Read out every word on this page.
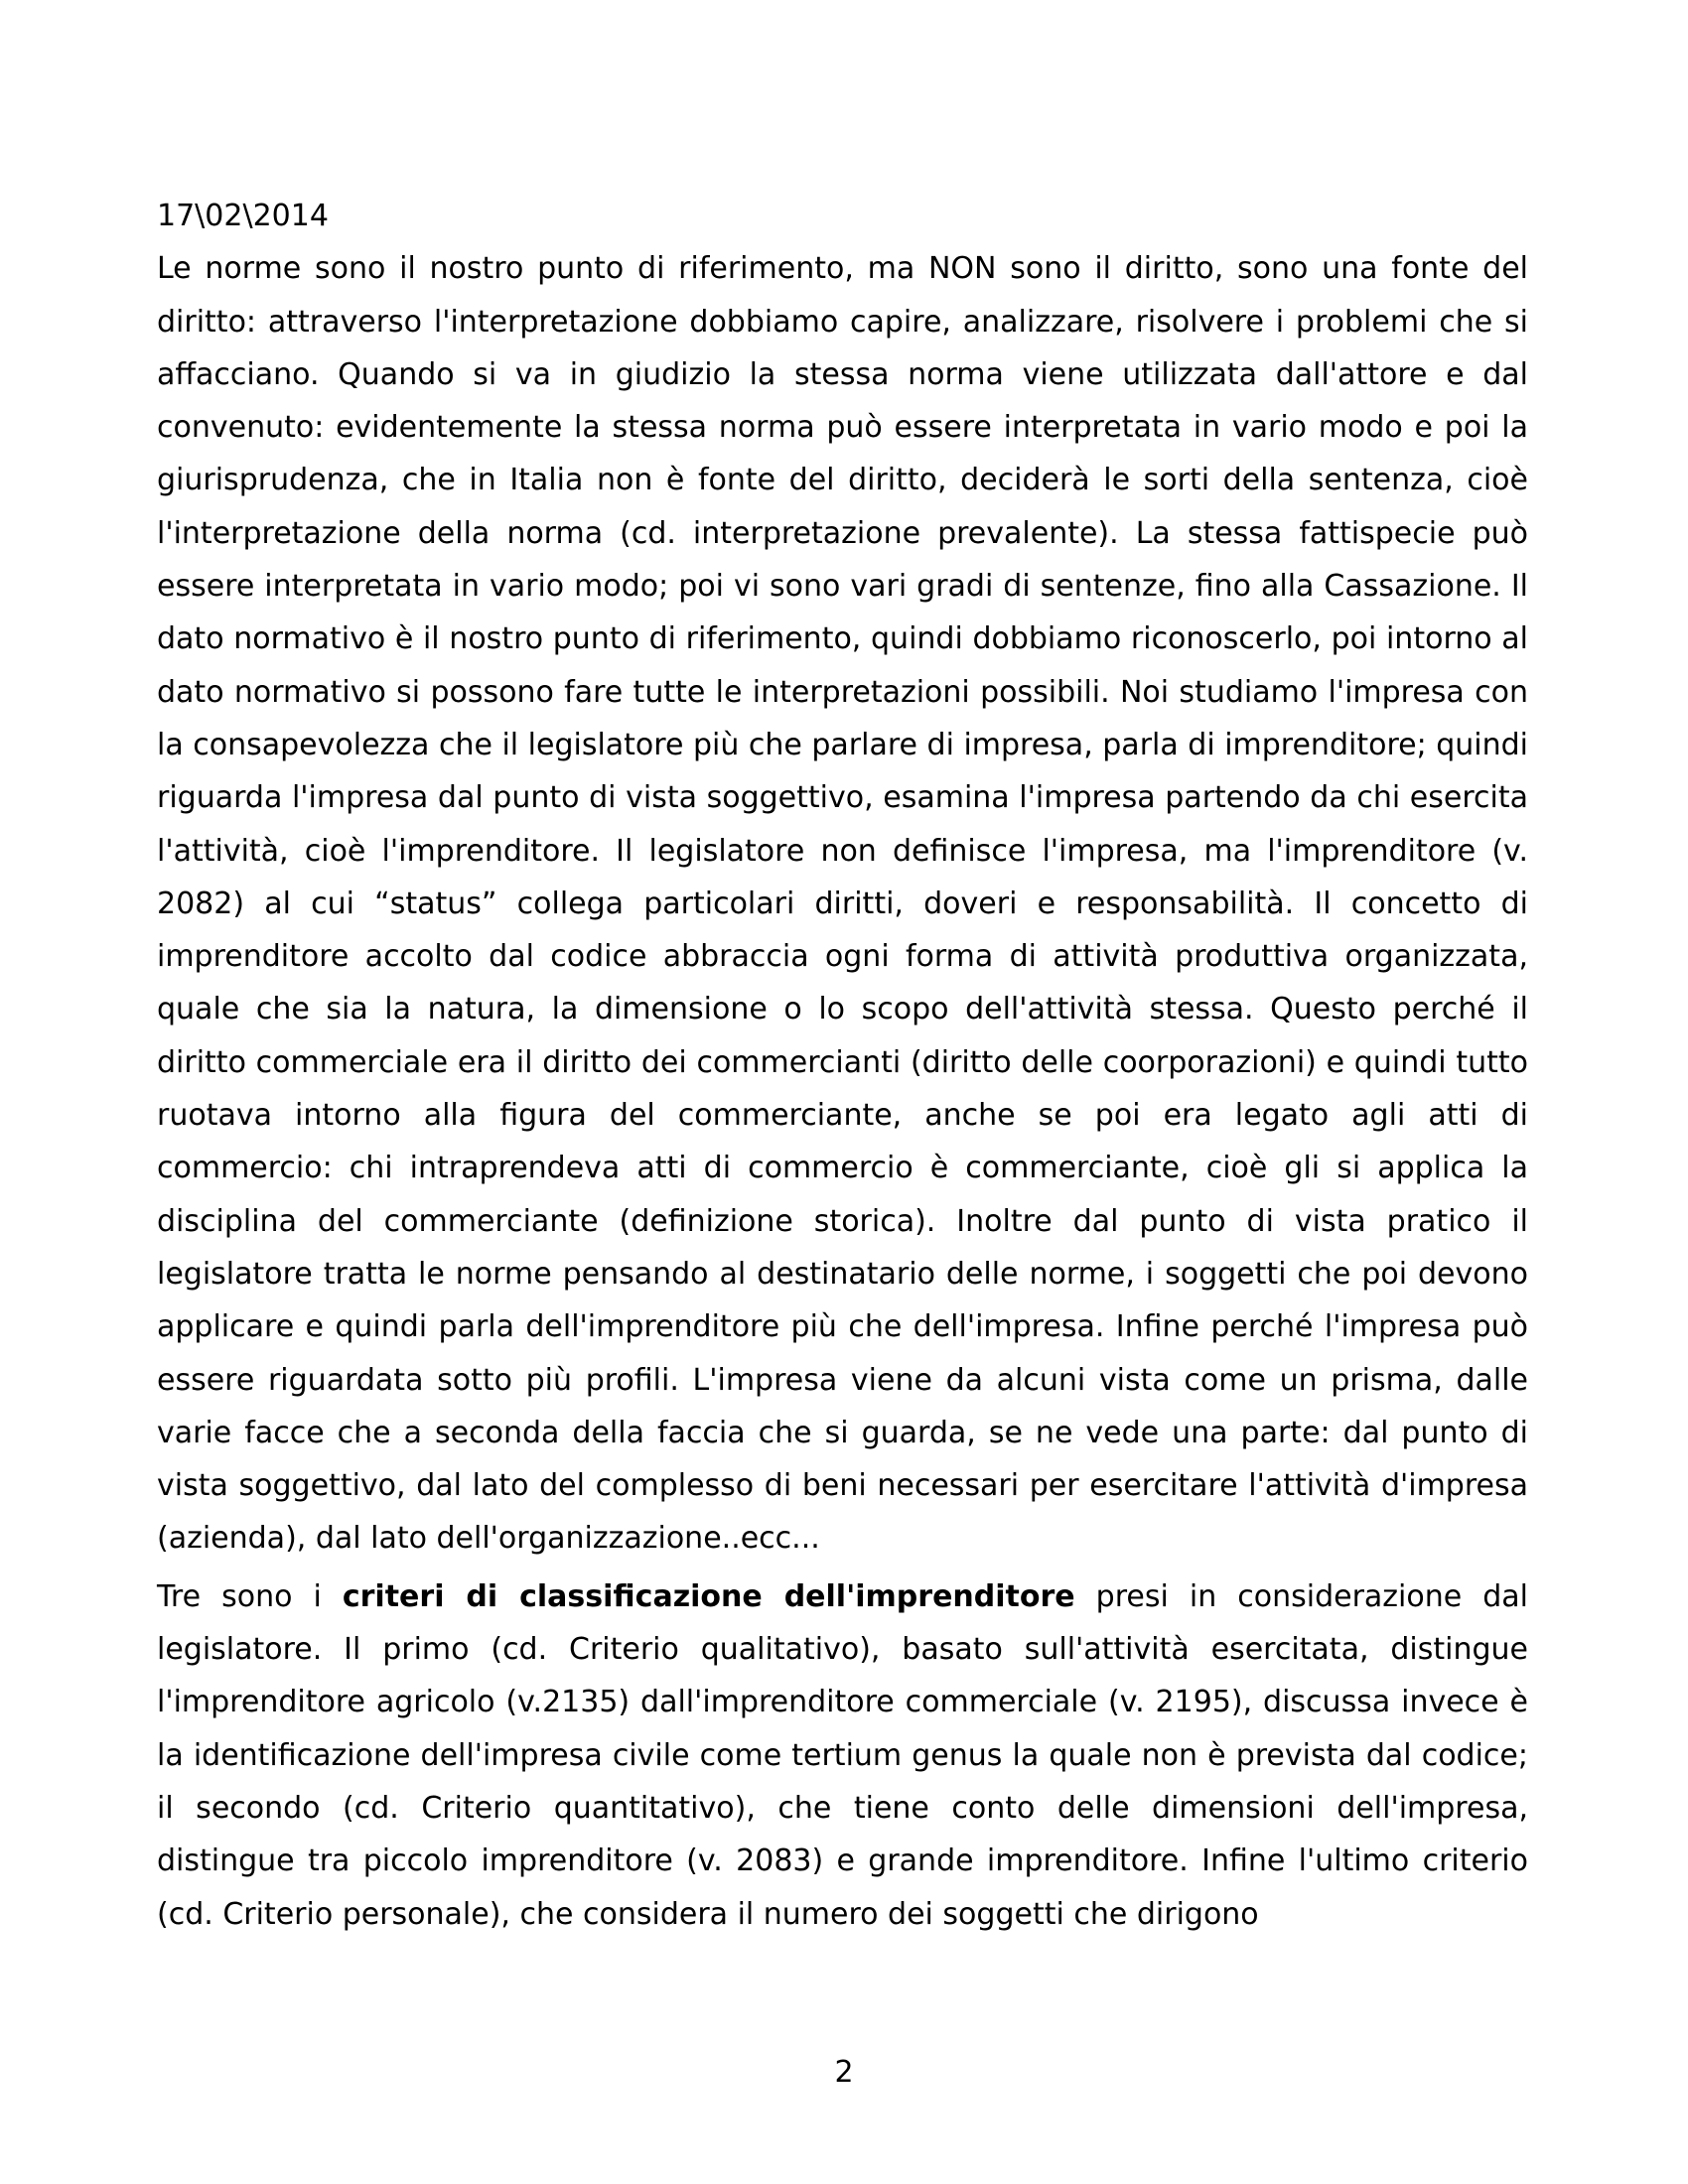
17\02\2014

Le norme sono il nostro punto di riferimento, ma NON sono il diritto, sono una fonte del diritto: attraverso l'interpretazione dobbiamo capire, analizzare, risolvere i problemi che si affacciano. Quando si va in giudizio la stessa norma viene utilizzata dall'attore e dal convenuto: evidentemente la stessa norma può essere interpretata in vario modo e poi la giurisprudenza, che in Italia non è fonte del diritto, deciderà le sorti della sentenza, cioè l'interpretazione della norma (cd. interpretazione prevalente). La stessa fattispecie può essere interpretata in vario modo; poi vi sono vari gradi di sentenze, fino alla Cassazione. Il dato normativo è il nostro punto di riferimento, quindi dobbiamo riconoscerlo, poi intorno al dato normativo si possono fare tutte le interpretazioni possibili. Noi studiamo l'impresa con la consapevolezza che il legislatore più che parlare di impresa, parla di imprenditore; quindi riguarda l'impresa dal punto di vista soggettivo, esamina l'impresa partendo da chi esercita l'attività, cioè l'imprenditore. Il legislatore non definisce l'impresa, ma l'imprenditore (v. 2082) al cui “status” collega particolari diritti, doveri e responsabilità. Il concetto di imprenditore accolto dal codice abbraccia ogni forma di attività produttiva organizzata, quale che sia la natura, la dimensione o lo scopo dell'attività stessa. Questo perché il diritto commerciale era il diritto dei commercianti (diritto delle coorporazioni) e quindi tutto ruotava intorno alla figura del commerciante, anche se poi era legato agli atti di commercio: chi intraprendeva atti di commercio è commerciante, cioè gli si applica la disciplina del commerciante (definizione storica). Inoltre dal punto di vista pratico il legislatore tratta le norme pensando al destinatario delle norme, i soggetti che poi devono applicare e quindi parla dell'imprenditore più che dell'impresa. Infine perché l'impresa può essere riguardata sotto più profili. L'impresa viene da alcuni vista come un prisma, dalle varie facce che a seconda della faccia che si guarda, se ne vede una parte: dal punto di vista soggettivo, dal lato del complesso di beni necessari per esercitare l'attività d'impresa (azienda), dal lato dell'organizzazione..ecc...

Tre sono i criteri di classificazione dell'imprenditore presi in considerazione dal legislatore. Il primo (cd. Criterio qualitativo), basato sull'attività esercitata, distingue l'imprenditore agricolo (v.2135) dall'imprenditore commerciale (v. 2195), discussa invece è la identificazione dell'impresa civile come tertium genus la quale non è prevista dal codice; il secondo (cd. Criterio quantitativo), che tiene conto delle dimensioni dell'impresa, distingue tra piccolo imprenditore (v. 2083) e grande imprenditore. Infine l'ultimo criterio (cd. Criterio personale), che considera il numero dei soggetti che dirigono

2
